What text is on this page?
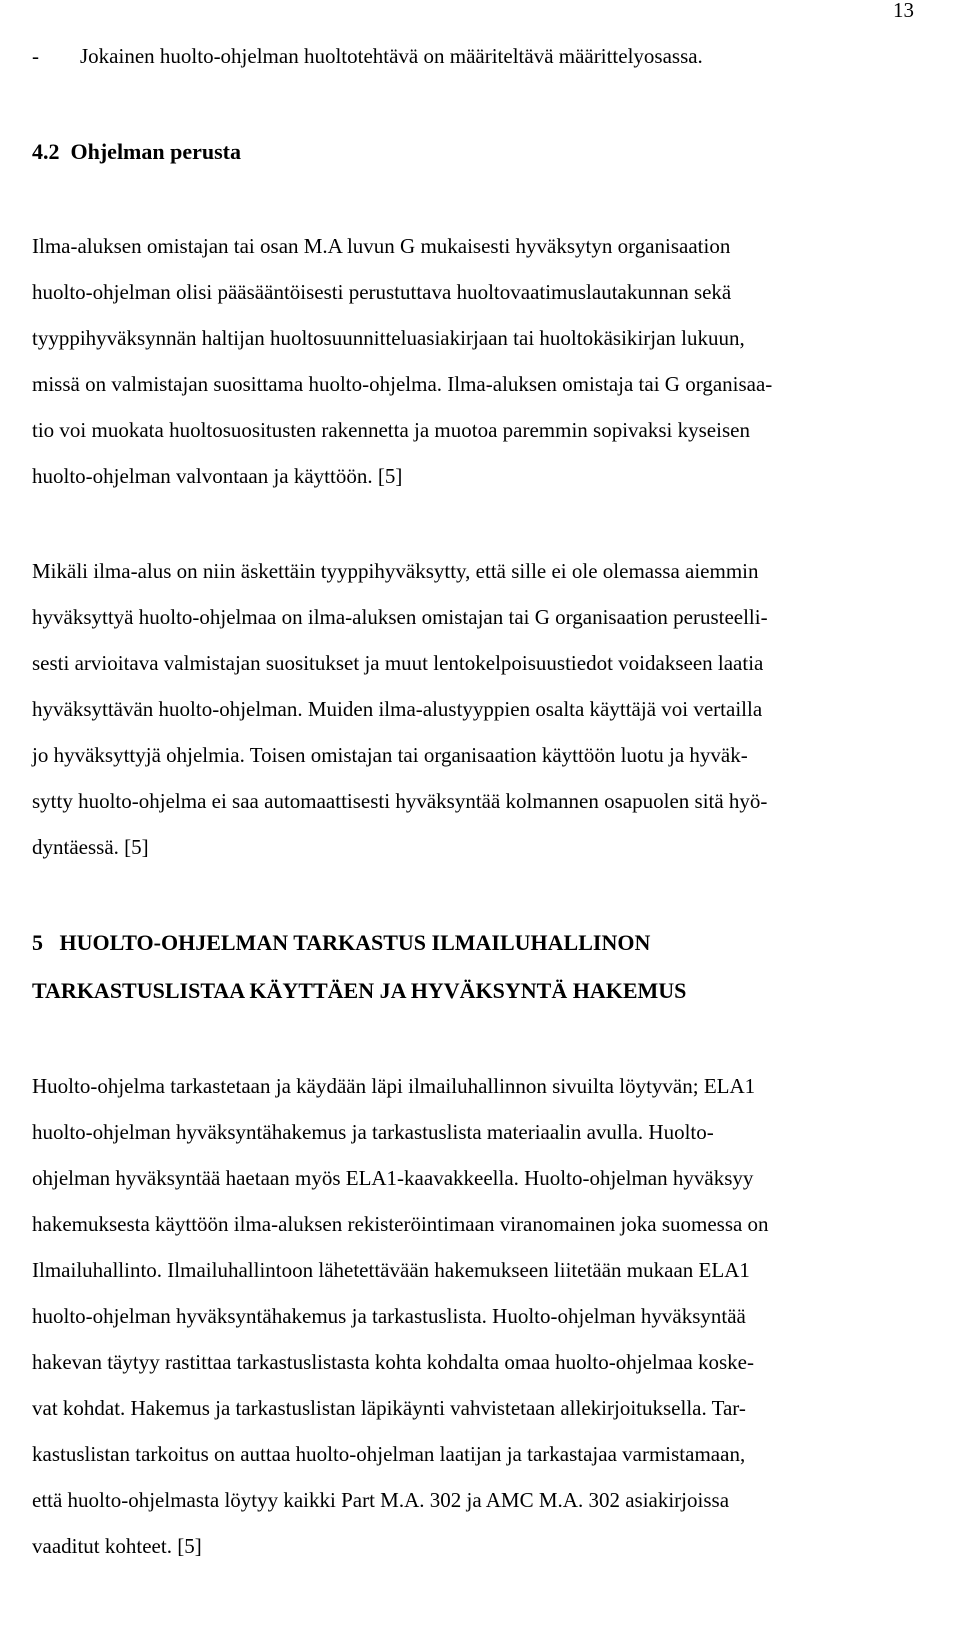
13

- Jokainen huolto-ohjelman huoltotehtävä on määriteltävä määrittelyosassa.

4.2 Ohjelman perusta

Ilma-aluksen omistajan tai osan M.A luvun G mukaisesti hyväksytyn organisaation

huolto-ohjelman olisi pääsääntöisesti perustuttava huoltovaatimuslautakunnan sekä

tyyppihyväksynnän haltijan huoltosuunnitteluasiakirjaan tai huoltokäsikirjan lukuun,

missä on valmistajan suosittama huolto-ohjelma. Ilma-aluksen omistaja tai G organisaa-

tio voi muokata huoltosuositusten rakennetta ja muotoa paremmin sopivaksi kyseisen

huolto-ohjelman valvontaan ja käyttöön. [5]

Mikäli ilma-alus on niin äskettäin tyyppihyväksytty, että sille ei ole olemassa aiemmin

hyväksyttyä huolto-ohjelmaa on ilma-aluksen omistajan tai G organisaation perusteelli-

sesti arvioitava valmistajan suositukset ja muut lentokelpoisuustiedot voidakseen laatia

hyväksyttävän huolto-ohjelman. Muiden ilma-alustyyppien osalta käyttäjä voi vertailla

jo hyväksyttyjä ohjelmia. Toisen omistajan tai organisaation käyttöön luotu ja hyväk-

sytty huolto-ohjelma ei saa automaattisesti hyväksyntää kolmannen osapuolen sitä hyö-

dyntäessä. [5]

5 HUOLTO-OHJELMAN TARKASTUS ILMAILUHALLINON

TARKASTUSLISTAA KÄYTTÄEN JA HYVÄKSYNTÄ HAKEMUS

Huolto-ohjelma tarkastetaan ja käydään läpi ilmailuhallinnon sivuilta löytyvän; ELA1

huolto-ohjelman hyväksyntähakemus ja tarkastuslista materiaalin avulla. Huolto-

ohjelman hyväksyntää haetaan myös ELA1-kaavakkeella. Huolto-ohjelman hyväksyy

hakemuksesta käyttöön ilma-aluksen rekisteröintimaan viranomainen joka suomessa on

Ilmailuhallinto. Ilmailuhallintoon lähetettävään hakemukseen liitetään mukaan ELA1

huolto-ohjelman hyväksyntähakemus ja tarkastuslista. Huolto-ohjelman hyväksyntää

hakevan täytyy rastittaa tarkastuslistasta kohta kohdalta omaa huolto-ohjelmaa koske-

vat kohdat. Hakemus ja tarkastuslistan läpikäynti vahvistetaan allekirjoituksella. Tar-

kastuslistan tarkoitus on auttaa huolto-ohjelman laatijan ja tarkastajaa varmistamaan,

että huolto-ohjelmasta löytyy kaikki Part M.A. 302 ja AMC M.A. 302 asiakirjoissa

vaaditut kohteet. [5]
